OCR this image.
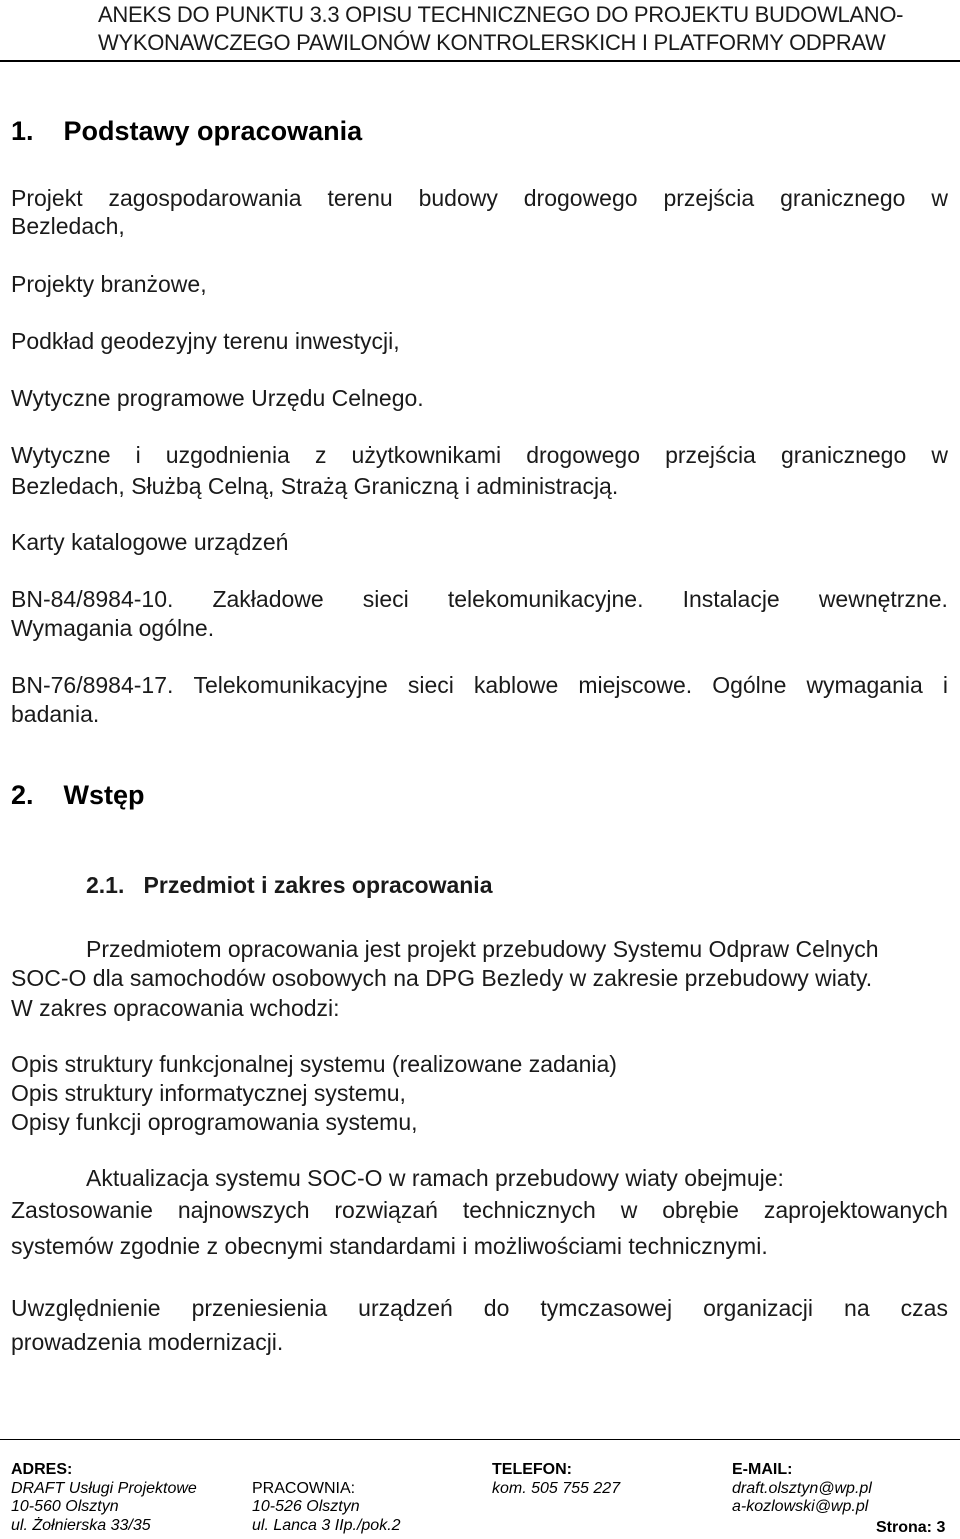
ANEKS DO PUNKTU 3.3 OPISU TECHNICZNEGO DO PROJEKTU BUDOWLANO-
WYKONAWCZEGO PAWILONÓW KONTROLERSKICH I PLATFORMY ODPRAW
1.    Podstawy opracowania
Projekt zagospodarowania terenu budowy drogowego przejścia granicznego w
Bezledach,
Projekty branżowe,
Podkład geodezyjny terenu inwestycji,
Wytyczne programowe Urzędu Celnego.
Wytyczne i uzgodnienia z użytkownikami drogowego przejścia granicznego w
Bezledach, Służbą Celną, Strażą Graniczną i administracją.
Karty katalogowe urządzeń
BN-84/8984-10. Zakładowe sieci telekomunikacyjne. Instalacje wewnętrzne.
Wymagania ogólne.
BN-76/8984-17. Telekomunikacyjne sieci kablowe miejscowe. Ogólne wymagania i
badania.
2.    Wstęp
2.1.   Przedmiot i zakres opracowania
Przedmiotem opracowania jest projekt przebudowy Systemu Odpraw Celnych
SOC-O dla samochodów osobowych na DPG Bezledy w zakresie przebudowy wiaty.
W zakres opracowania wchodzi:
Opis struktury funkcjonalnej systemu (realizowane zadania)
Opis struktury informatycznej systemu,
Opisy funkcji oprogramowania systemu,
Aktualizacja systemu SOC-O w ramach przebudowy wiaty obejmuje:
Zastosowanie najnowszych rozwiązań technicznych w obrębie zaprojektowanych
systemów zgodnie z obecnymi standardami i możliwościami technicznymi.
Uwzględnienie przeniesienia urządzeń do tymczasowej organizacji na czas
prowadzenia modernizacji.
ADRES:
DRAFT Usługi Projektowe
10-560 Olsztyn
ul. Żołnierska 33/35
PRACOWNIA:
10-526 Olsztyn
ul. Lanca 3 IIp./pok.2
TELEFON:
kom. 505 755 227
E-MAIL:
draft.olsztyn@wp.pl
a-kozlowski@wp.pl
Strona: 3
